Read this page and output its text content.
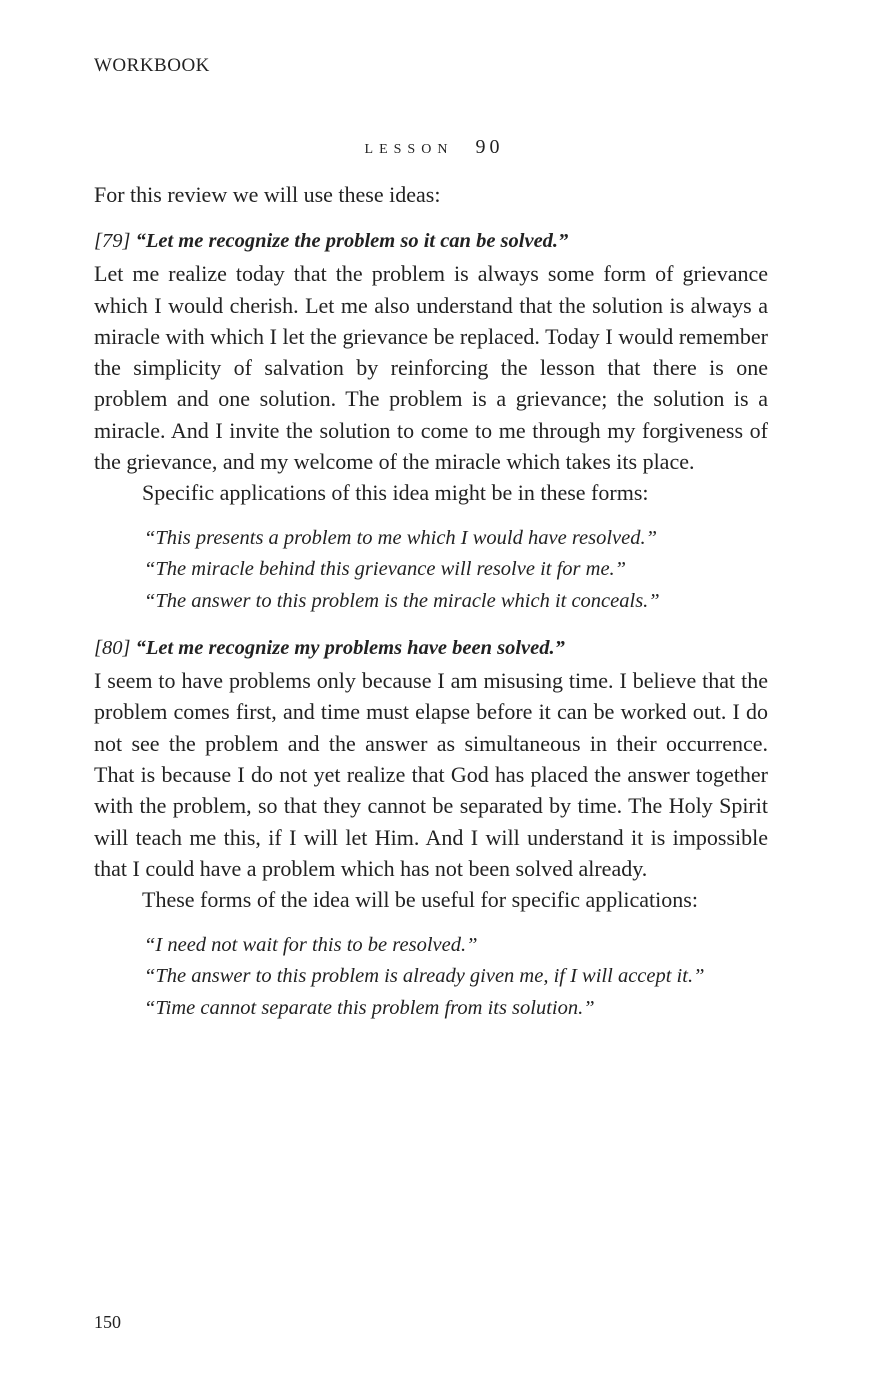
WORKBOOK
lesson 90

For this review we will use these ideas:

[79] “Let me recognize the problem so it can be solved.”

Let me realize today that the problem is always some form of grievance which I would cherish. Let me also understand that the solution is always a miracle with which I let the grievance be replaced. Today I would remember the simplicity of salvation by reinforcing the lesson that there is one problem and one solution. The problem is a grievance; the solution is a miracle. And I invite the solution to come to me through my forgiveness of the grievance, and my welcome of the miracle which takes its place.

Specific applications of this idea might be in these forms:

“This presents a problem to me which I would have resolved.”
“The miracle behind this grievance will resolve it for me.”
“The answer to this problem is the miracle which it conceals.”

[80] “Let me recognize my problems have been solved.”

I seem to have problems only because I am misusing time. I believe that the problem comes first, and time must elapse before it can be worked out. I do not see the problem and the answer as simultaneous in their occurrence. That is because I do not yet realize that God has placed the answer together with the problem, so that they cannot be separated by time. The Holy Spirit will teach me this, if I will let Him. And I will understand it is impossible that I could have a problem which has not been solved already.

These forms of the idea will be useful for specific applications:

“I need not wait for this to be resolved.”
“The answer to this problem is already given me, if I will accept it.”
“Time cannot separate this problem from its solution.”
150
